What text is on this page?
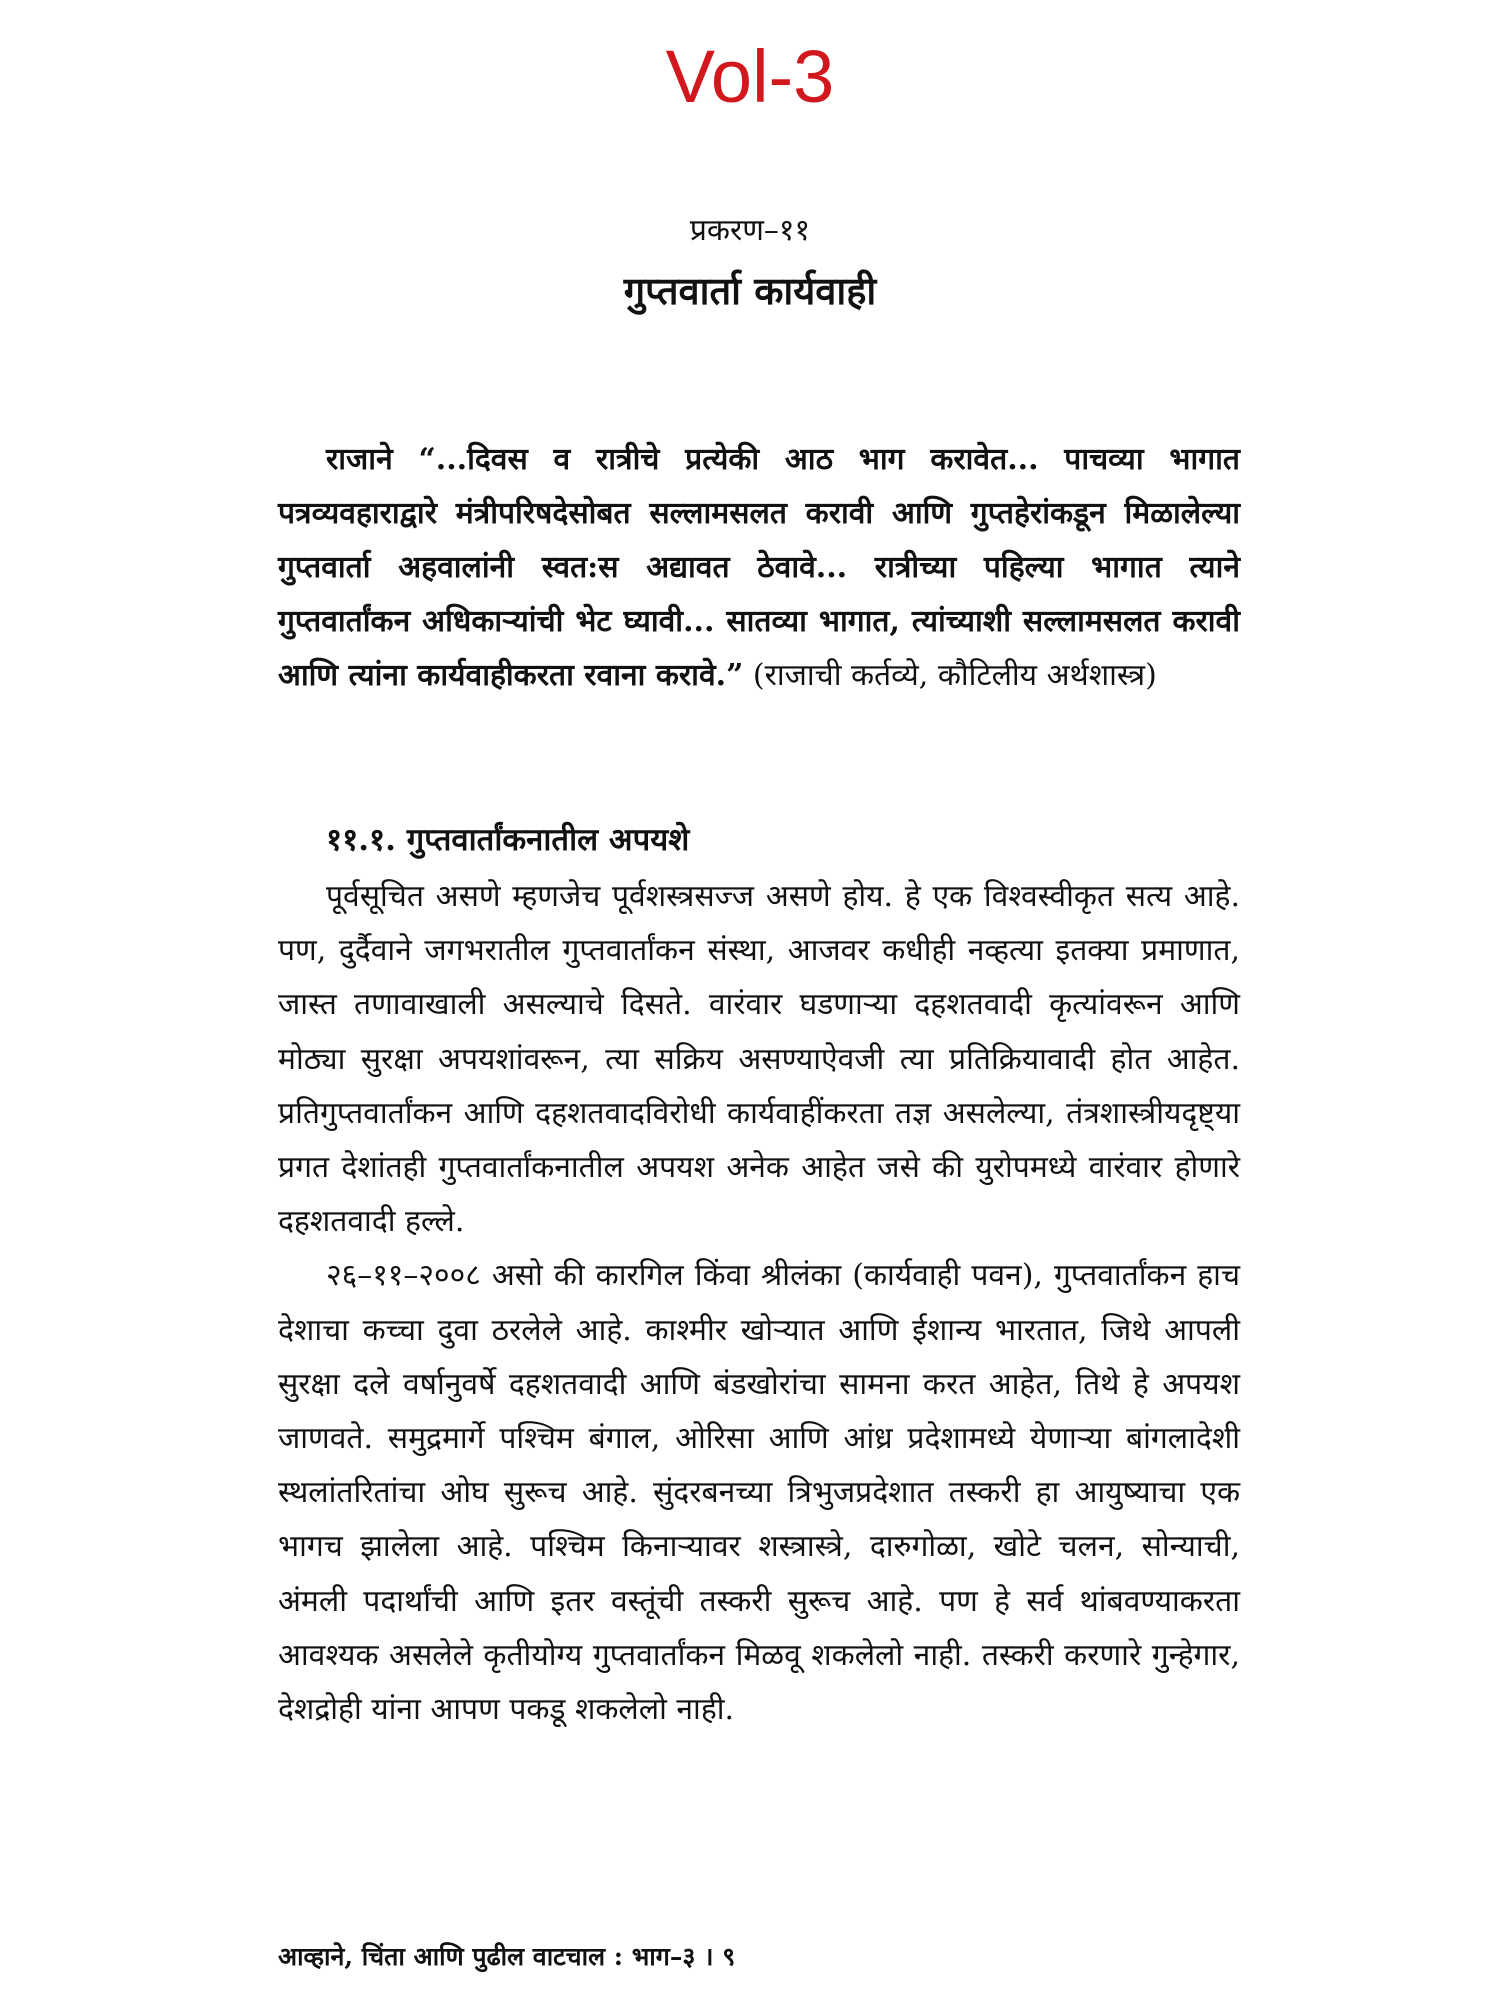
Vol-3
प्रकरण–११
गुप्तवार्ता कार्यवाही
राजाने “...दिवस व रात्रीचे प्रत्येकी आठ भाग करावेत... पाचव्या भागात पत्रव्यवहाराद्वारे मंत्रीपरिषदेसोबत सल्लामसलत करावी आणि गुप्तहेरांकडून मिळालेल्या गुप्तवार्ता अहवालांनी स्वत:स अद्यावत ठेवावे... रात्रीच्या पहिल्या भागात त्याने गुप्तवार्तांकन अधिकाऱ्यांची भेट घ्यावी... सातव्या भागात, त्यांच्याशी सल्लामसलत करावी आणि त्यांना कार्यवाहीकरता रवाना करावे.” (राजाची कर्तव्ये, कौटिलीय अर्थशास्त्र)
११.१. गुप्तवार्तांकनातील अपयशे

पूर्वसूचित असणे म्हणजेच पूर्वशस्त्रसज्ज असणे होय. हे एक विश्वस्वीकृत सत्य आहे. पण, दुर्दैवाने जगभरातील गुप्तवार्तांकन संस्था, आजवर कधीही नव्हत्या इतक्या प्रमाणात, जास्त तणावाखाली असल्याचे दिसते. वारंवार घडणाऱ्या दहशतवादी कृत्यांवरून आणि मोठ्या सुरक्षा अपयशांवरून, त्या सक्रिय असण्याऐवजी त्या प्रतिक्रियावादी होत आहेत. प्रतिगुप्तवार्तांकन आणि दहशतवादविरोधी कार्यवाहींकरता तज्ञ असलेल्या, तंत्रशास्त्रीयदृष्ट्या प्रगत देशांतही गुप्तवार्तांकनातील अपयश अनेक आहेत जसे की युरोपमध्ये वारंवार होणारे दहशतवादी हल्ले.

२६–११–२००८ असो की कारगिल किंवा श्रीलंका (कार्यवाही पवन), गुप्तवार्तांकन हाच देशाचा कच्चा दुवा ठरलेले आहे. काश्मीर खोऱ्यात आणि ईशान्य भारतात, जिथे आपली सुरक्षा दले वर्षानुवर्षे दहशतवादी आणि बंडखोरांचा सामना करत आहेत, तिथे हे अपयश जाणवते. समुद्रमार्गे पश्चिम बंगाल, ओरिसा आणि आंध्र प्रदेशामध्ये येणाऱ्या बांगलादेशी स्थलांतरितांचा ओघ सुरूच आहे. सुंदरबनच्या त्रिभुजप्रदेशात तस्करी हा आयुष्याचा एक भागच झालेला आहे. पश्चिम किनाऱ्यावर शस्त्रास्त्रे, दारुगोळा, खोटे चलन, सोन्याची, अंमली पदार्थांची आणि इतर वस्तूंची तस्करी सुरूच आहे. पण हे सर्व थांबवण्याकरता आवश्यक असलेले कृतीयोग्य गुप्तवार्तांकन मिळवू शकलेलो नाही. तस्करी करणारे गुन्हेगार, देशद्रोही यांना आपण पकडू शकलेलो नाही.

आव्हाने, चिंता आणि पुढील वाटचाल : भाग–३ । ९
